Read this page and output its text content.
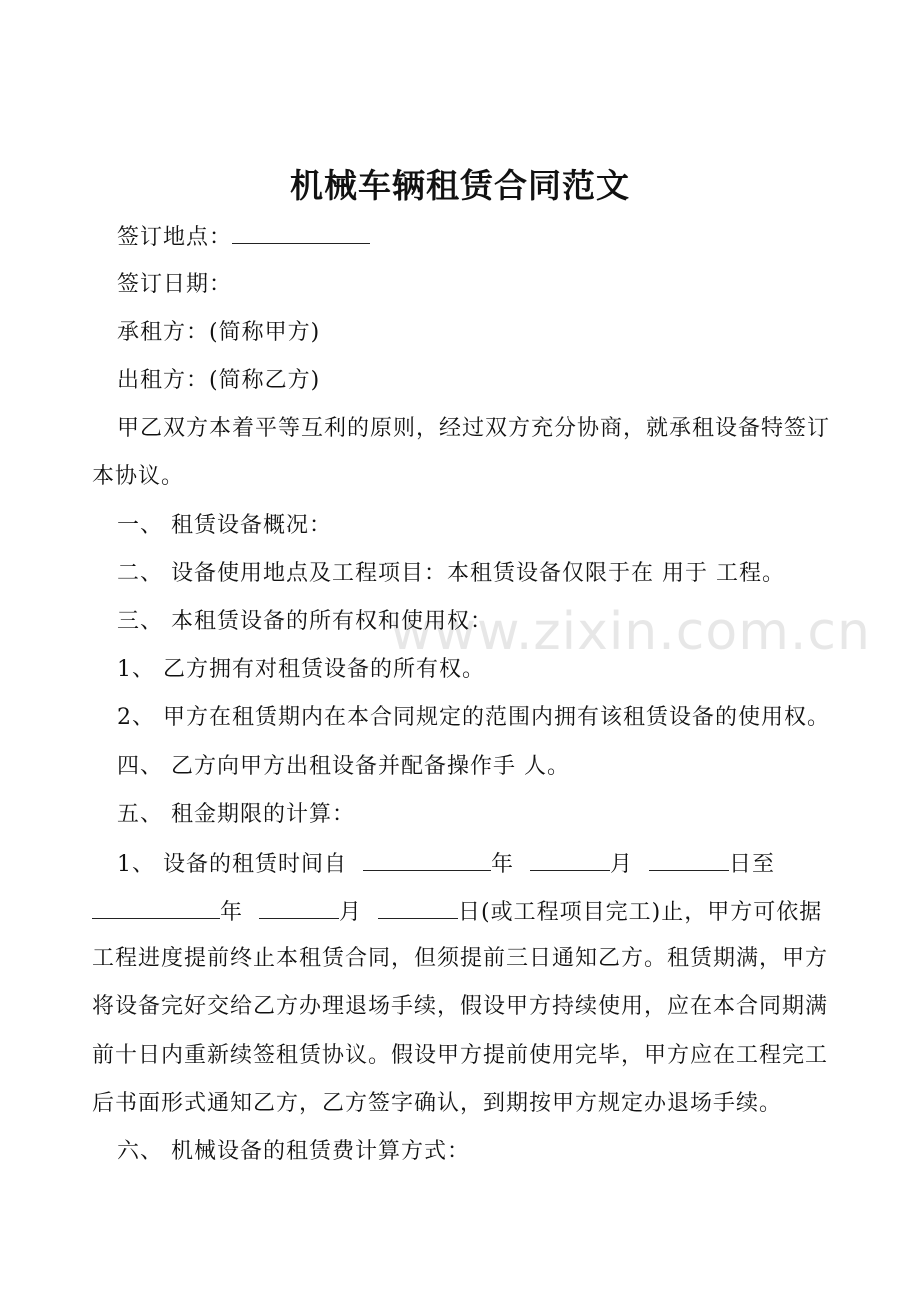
www.zixin.com.cn
机械车辆租赁合同范文
签订地点：
签订日期：
承租方：(简称甲方)
出租方：(简称乙方)
甲乙双方本着平等互利的原则，经过双方充分协商，就承租设备特签订
本协议。
一、 租赁设备概况：
二、 设备使用地点及工程项目：本租赁设备仅限于在 用于 工程。
三、 本租赁设备的所有权和使用权：
1、 乙方拥有对租赁设备的所有权。
2、 甲方在租赁期内在本合同规定的范围内拥有该租赁设备的使用权。
四、 乙方向甲方出租设备并配备操作手 人。
五、 租金期限的计算：
1、 设备的租赁时间自	年	月	日至
年	月	日(或工程项目完工)止，甲方可依据
工程进度提前终止本租赁合同，但须提前三日通知乙方。租赁期满，甲方
将设备完好交给乙方办理退场手续，假设甲方持续使用，应在本合同期满
前十日内重新续签租赁协议。假设甲方提前使用完毕，甲方应在工程完工
后书面形式通知乙方，乙方签字确认，到期按甲方规定办退场手续。
六、 机械设备的租赁费计算方式：
